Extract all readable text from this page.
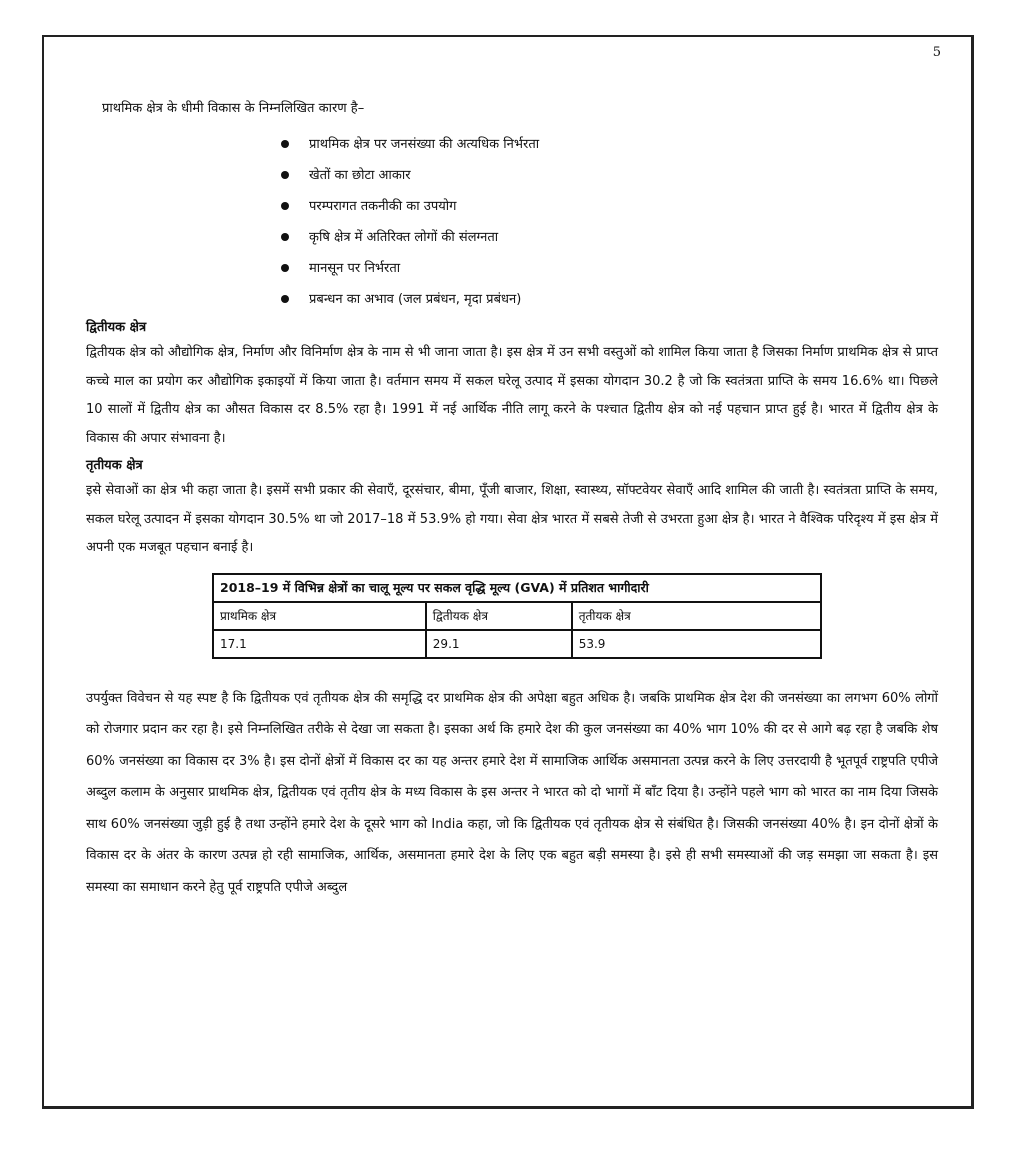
5
प्राथमिक क्षेत्र के धीमी विकास के निम्नलिखित कारण है–
प्राथमिक क्षेत्र पर जनसंख्या की अत्यधिक निर्भरता
खेतों का छोटा आकार
परम्परागत तकनीकी का उपयोग
कृषि क्षेत्र में अतिरिक्त लोगों की संलग्नता
मानसून पर निर्भरता
प्रबन्धन का अभाव (जल प्रबंधन, मृदा प्रबंधन)
द्वितीयक क्षेत्र

द्वितीयक क्षेत्र को औद्योगिक क्षेत्र, निर्माण और विनिर्माण क्षेत्र के नाम से भी जाना जाता है। इस क्षेत्र में उन सभी वस्तुओं को शामिल किया जाता है जिसका निर्माण प्राथमिक क्षेत्र से प्राप्त कच्चे माल का प्रयोग कर औद्योगिक इकाइयों में किया जाता है। वर्तमान समय में सकल घरेलू उत्पाद में इसका योगदान 30.2 है जो कि स्वतंत्रता प्राप्ति के समय 16.6% था। पिछले 10 सालों में द्वितीय क्षेत्र का औसत विकास दर 8.5% रहा है। 1991 में नई आर्थिक नीति लागू करने के पश्चात द्वितीय क्षेत्र को नई पहचान प्राप्त हुई है। भारत में द्वितीय क्षेत्र के विकास की अपार संभावना है।

तृतीयक क्षेत्र

इसे सेवाओं का क्षेत्र भी कहा जाता है। इसमें सभी प्रकार की सेवाएँ, दूरसंचार, बीमा, पूँजी बाजार, शिक्षा, स्वास्थ्य, सॉफ्टवेयर सेवाएँ आदि शामिल की जाती है। स्वतंत्रता प्राप्ति के समय, सकल घरेलू उत्पादन में इसका योगदान 30.5% था जो 2017–18 में 53.9% हो गया। सेवा क्षेत्र भारत में सबसे तेजी से उभरता हुआ क्षेत्र है। भारत ने वैश्विक परिदृश्य में इस क्षेत्र में अपनी एक मजबूत पहचान बनाई है।

2018–19 में विभिन्न क्षेत्रों का चालू मूल्य पर सकल वृद्धि मूल्य (GVA) में प्रतिशत भागीदारी		
प्राथमिक क्षेत्र	द्वितीयक क्षेत्र	तृतीयक क्षेत्र
17.1	29.1	53.9

उपर्युक्त विवेचन से यह स्पष्ट है कि द्वितीयक एवं तृतीयक क्षेत्र की समृद्धि दर प्राथमिक क्षेत्र की अपेक्षा बहुत अधिक है। जबकि प्राथमिक क्षेत्र देश की जनसंख्या का लगभग 60% लोगों को रोजगार प्रदान कर रहा है। इसे निम्नलिखित तरीके से देखा जा सकता है। इसका अर्थ कि हमारे देश की कुल जनसंख्या का 40% भाग 10% की दर से आगे बढ़ रहा है जबकि शेष 60% जनसंख्या का विकास दर 3% है। इस दोनों क्षेत्रों में विकास दर का यह अन्तर हमारे देश में सामाजिक आर्थिक असमानता उत्पन्न करने के लिए उत्तरदायी है भूतपूर्व राष्ट्रपति एपीजे अब्दुल कलाम के अनुसार प्राथमिक क्षेत्र, द्वितीयक एवं तृतीय क्षेत्र के मध्य विकास के इस अन्तर ने भारत को दो भागों में बाँट दिया है। उन्होंने पहले भाग को भारत का नाम दिया जिसके साथ 60% जनसंख्या जुड़ी हुई है तथा उन्होंने हमारे देश के दूसरे भाग को India कहा, जो कि द्वितीयक एवं तृतीयक क्षेत्र से संबंधित है। जिसकी जनसंख्या 40% है। इन दोनों क्षेत्रों के विकास दर के अंतर के कारण उत्पन्न हो रही सामाजिक, आर्थिक, असमानता हमारे देश के लिए एक बहुत बड़ी समस्या है। इसे ही सभी समस्याओं की जड़ समझा जा सकता है। इस समस्या का समाधान करने हेतु पूर्व राष्ट्रपति एपीजे अब्दुल
